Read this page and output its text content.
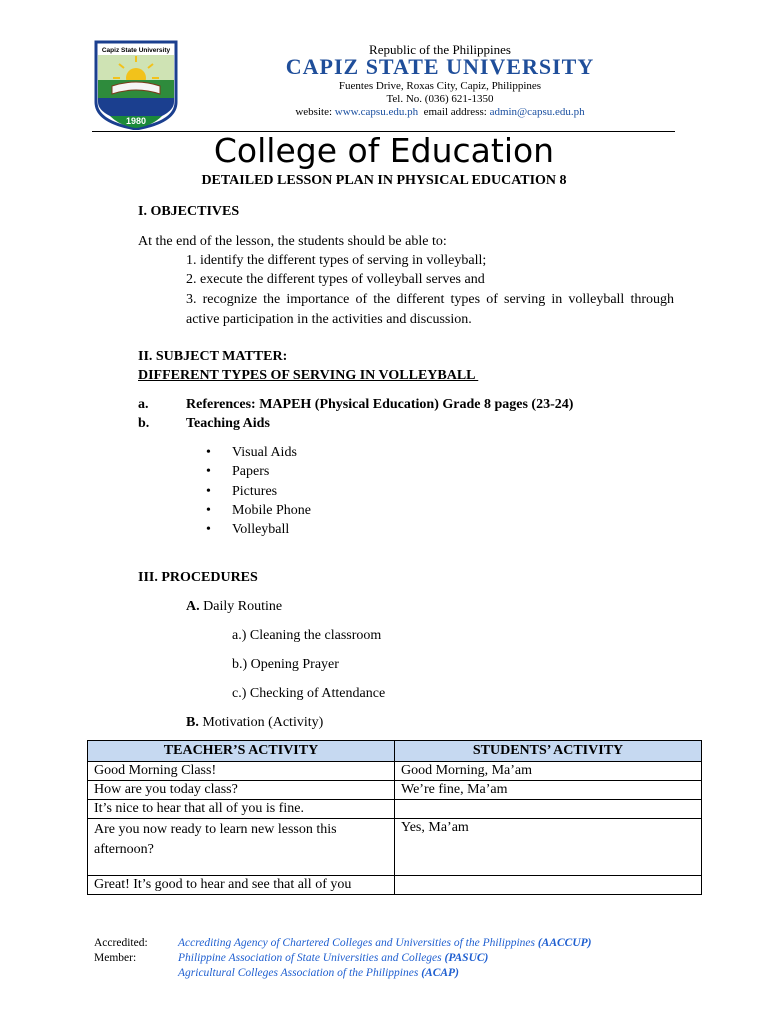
Capiz State University
1980
Republic of the Philippines
CAPIZ STATE UNIVERSITY
Fuentes Drive, Roxas City, Capiz, Philippines
Tel. No. (036) 621-1350
website: www.capsu.edu.ph email address: admin@capsu.edu.ph
College of Education
DETAILED LESSON PLAN IN PHYSICAL EDUCATION 8
I. OBJECTIVES
At the end of the lesson, the students should be able to:
1. identify the different types of serving in volleyball;
2. execute the different types of volleyball serves and
3. recognize the importance of the different types of serving in volleyball through active participation in the activities and discussion.
II. SUBJECT MATTER:
DIFFERENT TYPES OF SERVING IN VOLLEYBALL
a.	References: MAPEH (Physical Education) Grade 8 pages (23-24)
b.	Teaching Aids
• Visual Aids
• Papers
• Pictures
• Mobile Phone
• Volleyball
III. PROCEDURES
A. Daily Routine
a.) Cleaning the classroom
b.) Opening Prayer
c.) Checking of Attendance
B. Motivation (Activity)
TEACHER’S ACTIVITY	STUDENTS’ ACTIVITY
Good Morning Class!	Good Morning, Ma’am
How are you today class?	We’re fine, Ma’am
It’s nice to hear that all of you is fine.	
Are you now ready to learn new lesson this afternoon?	Yes, Ma’am
Great! It’s good to hear and see that all of you	
Accredited:	Accrediting Agency of Chartered Colleges and Universities of the Philippines (AACCUP)
Member:	Philippine Association of State Universities and Colleges (PASUC)
Agricultural Colleges Association of the Philippines (ACAP)
